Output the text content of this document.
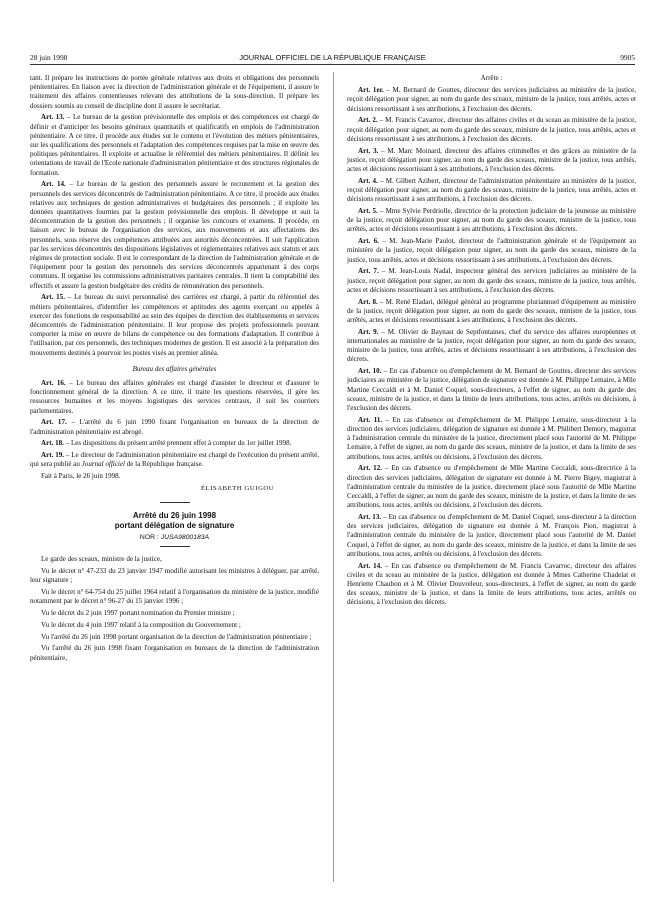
28 juin 1998	JOURNAL OFFICIEL DE LA RÉPUBLIQUE FRANÇAISE	9905

tant. Il prépare les instructions de portée générale relatives aux droits et obligations des personnels pénitentiaires. En liaison avec la direction de l'administration générale et de l'équipement, il assure le traitement des affaires contentieuses relevant des attributions de la sous-direction. Il prépare les dossiers soumis au conseil de discipline dont il assure le secrétariat.

Art. 13. – Le bureau de la gestion prévisionnelle des emplois et des compétences est chargé de définir et d'anticiper les besoins généraux quantitatifs et qualificatifs en emplois de l'administration pénitentiaire. A ce titre, il procède aux études sur le contenu et l'évolution des métiers pénitentiaires, sur les qualifications des personnels et l'adaptation des compétences requises par la mise en œuvre des politiques pénitentiaires. Il exploite et actualise le référentiel des métiers pénitentiaires. Il définit les orientations de travail de l'Ecole nationale d'administration pénitentiaire et des structures régionales de formation.

Art. 14. – Le bureau de la gestion des personnels assure le recrutement et la gestion des personnels des services déconcentrés de l'administration pénitentiaire. A ce titre, il procède aux études relatives aux techniques de gestion administratives et budgétaires des personnels ; il exploite les données quantitatives fournies par la gestion prévisionnelle des emplois. Il développe et suit la déconcentration de la gestion des personnels ; il organise les concours et examens. Il procède, en liaison avec le bureau de l'organisation des services, aux mouvements et aux affectations des personnels, sous réserve des compétences attribuées aux autorités déconcentrées. Il suit l'application par les services déconcentrés des dispositions législatives et réglementaires relatives aux statuts et aux régimes de protection sociale. Il est le correspondant de la direction de l'administration générale et de l'équipement pour la gestion des personnels des services déconcentrés appartenant à des corps communs. Il organise les commissions administratives paritaires centrales. Il tient la comptabilité des effectifs et assure la gestion budgétaire des crédits de rémunération des personnels.

Art. 15. – Le bureau du suivi personnalisé des carrières est chargé, à partir du référentiel des métiers pénitentiaires, d'identifier les compétences et aptitudes des agents exerçant ou appelés à exercer des fonctions de responsabilité au sein des équipes de direction des établissements et services déconcentrés de l'administration pénitentiaire. Il leur propose des projets professionnels pouvant comporter la mise en œuvre de bilans de compétence ou des formations d'adaptation. Il contribue à l'utilisation, par ces personnels, des techniques modernes de gestion. Il est associé à la préparation des mouvements destinés à pourvoir les postes visés au premier alinéa.

Bureau des affaires générales

Art. 16. – Le bureau des affaires générales est chargé d'assister le directeur et d'assurer le fonctionnement général de la direction. A ce titre, il traite les questions réservées, il gère les ressources humaines et les moyens logistiques des services centraux, il suit les courriers parlementaires.

Art. 17. – L'arrêté du 6 juin 1990 fixant l'organisation en bureaux de la direction de l'administration pénitentiaire est abrogé.

Art. 18. – Les dispositions du présent arrêté prennent effet à compter du 1er juillet 1998.

Art. 19. – Le directeur de l'administration pénitentiaire est chargé de l'exécution du présent arrêté, qui sera publié au Journal officiel de la République française.

Fait à Paris, le 26 juin 1998.

ÉLISABETH GUIGOU
Arrêté du 26 juin 1998
portant délégation de signature
NOR : JUSA9800183A

Le garde des sceaux, ministre de la justice,

Vu le décret n° 47-233 du 23 janvier 1947 modifié autorisant les ministres à déléguer, par arrêté, leur signature ;

Vu le décret n° 64-754 du 25 juillet 1964 relatif à l'organisation du ministère de la justice, modifié notamment par le décret n° 96-27 du 15 janvier 1996 ;

Vu le décret du 2 juin 1997 portant nomination du Premier ministre ;

Vu le décret du 4 juin 1997 relatif à la composition du Gouvernement ;

Vu l'arrêté du 26 juin 1998 portant organisation de la direction de l'administration pénitentiaire ;

Vu l'arrêté du 26 juin 1998 fixant l'organisation en bureaux de la direction de l'administration pénitentiaire,

Arrête :

Art. 1er. – M. Bernard de Gouttes, directeur des services judiciaires au ministère de la justice, reçoit délégation pour signer, au nom du garde des sceaux, ministre de la justice, tous arrêtés, actes et décisions ressortissant à ses attributions, à l'exclusion des décrets.

Art. 2. – M. Francis Cavarroc, directeur des affaires civiles et du sceau au ministère de la justice, reçoit délégation pour signer, au nom du garde des sceaux, ministre de la justice, tous arrêtés, actes et décisions ressortissant à ses attributions, à l'exclusion des décrets.

Art. 3. – M. Marc Moinard, directeur des affaires criminelles et des grâces au ministère de la justice, reçoit délégation pour signer, au nom du garde des sceaux, ministre de la justice, tous arrêtés, actes et décisions ressortissant à ses attributions, à l'exclusion des décrets.

Art. 4. – M. Gilbert Azibert, directeur de l'administration pénitentiaire au ministère de la justice, reçoit délégation pour signer, au nom du garde des sceaux, ministre de la justice, tous arrêtés, actes et décisions ressortissant à ses attributions, à l'exclusion des décrets.

Art. 5. – Mme Sylvie Perdriolle, directrice de la protection judiciaire de la jeunesse au ministère de la justice, reçoit délégation pour signer, au nom du garde des sceaux, ministre de la justice, tous arrêtés, actes et décisions ressortissant à ses attributions, à l'exclusion des décrets.

Art. 6. – M. Jean-Marie Paulot, directeur de l'administration générale et de l'équipement au ministère de la justice, reçoit délégation pour signer, au nom du garde des sceaux, ministre de la justice, tous arrêtés, actes et décisions ressortissant à ses attributions, à l'exclusion des décrets.

Art. 7. – M. Jean-Louis Nadal, inspecteur général des services judiciaires au ministère de la justice, reçoit délégation pour signer, au nom du garde des sceaux, ministre de la justice, tous arrêtés, actes et décisions ressortissant à ses attributions, à l'exclusion des décrets.

Art. 8. – M. René Eladari, délégué général au programme pluriannuel d'équipement au ministère de la justice, reçoit délégation pour signer, au nom du garde des sceaux, ministre de la justice, tous arrêtés, actes et décisions ressortissant à ses attributions, à l'exclusion des décrets.

Art. 9. – M. Olivier de Baynast de Septfontaines, chef du service des affaires européennes et internationales au ministère de la justice, reçoit délégation pour signer, au nom du garde des sceaux, ministre de la justice, tous arrêtés, actes et décisions ressortissant à ses attributions, à l'exclusion des décrets.

Art. 10. – En cas d'absence ou d'empêchement de M. Bernard de Gouttes, directeur des services judiciaires au ministère de la justice, délégation de signature est donnée à M. Philippe Lemaire, à Mlle Martine Ceccaldi et à M. Daniel Coquel, sous-directeurs, à l'effet de signer, au nom du garde des sceaux, ministre de la justice, et dans la limite de leurs attributions, tous actes, arrêtés ou décisions, à l'exclusion des décrets.

Art. 11. – En cas d'absence ou d'empêchement de M. Philippe Lemaire, sous-directeur à la direction des services judiciaires, délégation de signature est donnée à M. Philibert Demory, magistrat à l'administration centrale du ministère de la justice, directement placé sous l'autorité de M. Philippe Lemaire, à l'effet de signer, au nom du garde des sceaux, ministre de la justice, et dans la limite de ses attributions, tous actes, arrêtés ou décisions, à l'exclusion des décrets.

Art. 12. – En cas d'absence ou d'empêchement de Mlle Martine Ceccaldi, sous-directrice à la direction des services judiciaires, délégation de signature est donnée à M. Pierre Bigey, magistrat à l'administration centrale du ministère de la justice, directement placé sous l'autorité de Mlle Martine Ceccaldi, à l'effet de signer, au nom du garde des sceaux, ministre de la justice, et dans la limite de ses attributions, tous actes, arrêtés ou décisions, à l'exclusion des décrets.

Art. 13. – En cas d'absence ou d'empêchement de M. Daniel Coquel, sous-directeur à la direction des services judiciaires, délégation de signature est donnée à M. François Pion, magistrat à l'administration centrale du ministère de la justice, directement placé sous l'autorité de M. Daniel Coquel, à l'effet de signer, au nom du garde des sceaux, ministre de la justice, et dans la limite de ses attributions, tous actes, arrêtés ou décisions, à l'exclusion des décrets.

Art. 14. – En cas d'absence ou d'empêchement de M. Francis Cavarroc, directeur des affaires civiles et du sceau au ministère de la justice, délégation est donnée à Mmes Catherine Chadelat et Henriette Chaubon et à M. Olivier Douvreleur, sous-directeurs, à l'effet de signer, au nom du garde des sceaux, ministre de la justice, et dans la limite de leurs attributions, tous actes, arrêtés ou décisions, à l'exclusion des décrets.
